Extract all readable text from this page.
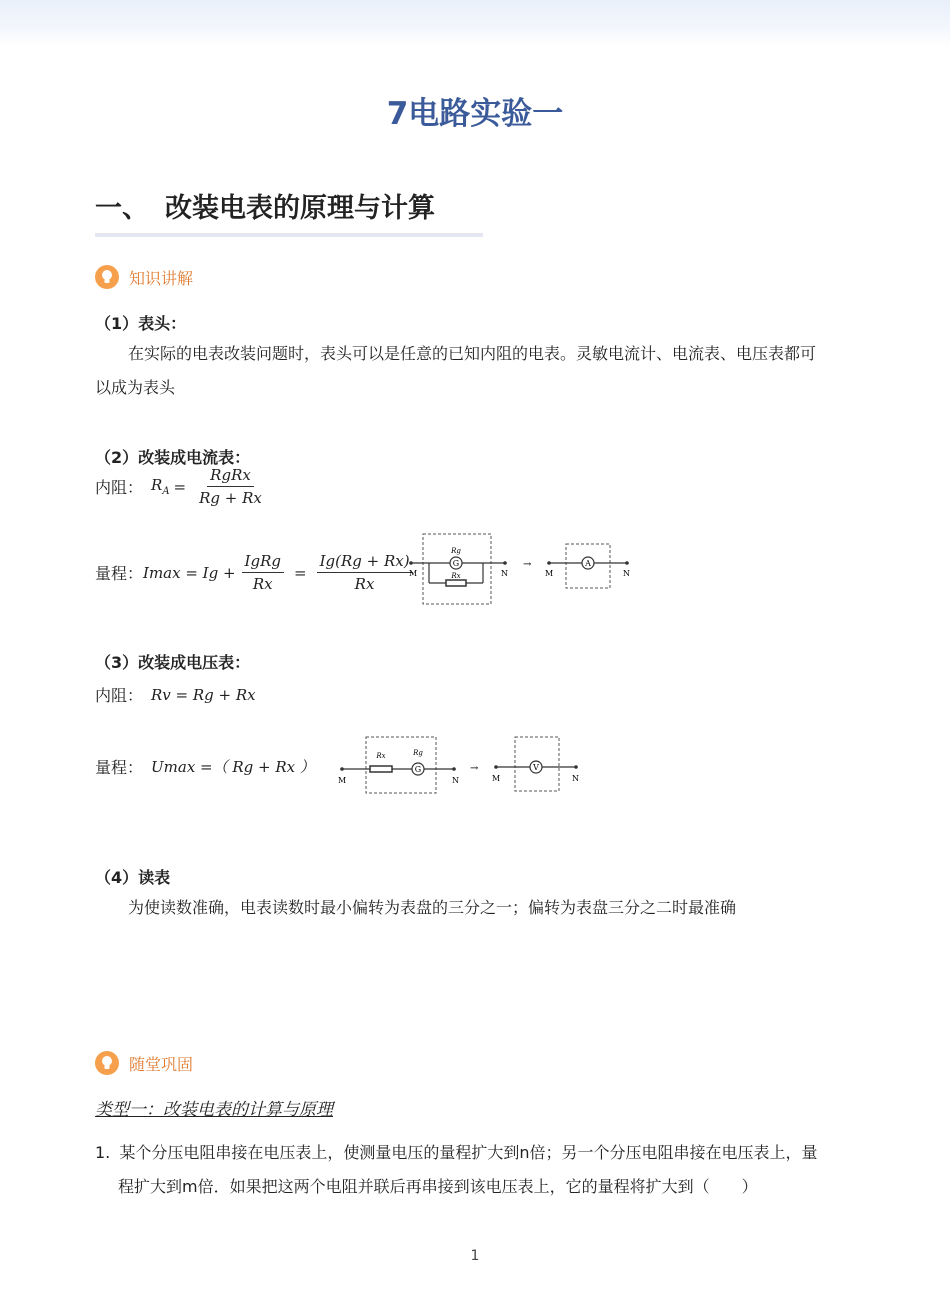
7电路实验一
一、 改装电表的原理与计算
知识讲解
（1）表头：
在实际的电表改装问题时，表头可以是任意的已知内阻的电表。灵敏电流计、电流表、电压表都可
以成为表头
（2）改装成电流表：
内阻： $R_A = \frac{\text{RgRx}}{Rg + Rx}$
量程： $Imax = Ig + \frac{\text{IgRg}}{Rx} = \frac{Ig(Rg + Rx)}{Rx}$	G
Rg
Rx
M	N
→	A
M	N
（3）改装成电压表：
内阻： Rv = Rg + Rx
量程： Umax =（ Rg + Rx ）	G
Rx	Rg
M	N
→	V
M	N
（4）读表
为使读数准确，电表读数时最小偏转为表盘的三分之一；偏转为表盘三分之二时最准确
随堂巩固
类型一：改装电表的计算与原理
1. 某个分压电阻串接在电压表上，使测量电压的量程扩大到n倍；另一个分压电阻串接在电压表上，量
程扩大到m倍．如果把这两个电阻并联后再串接到该电压表上，它的量程将扩大到（　　）
1
